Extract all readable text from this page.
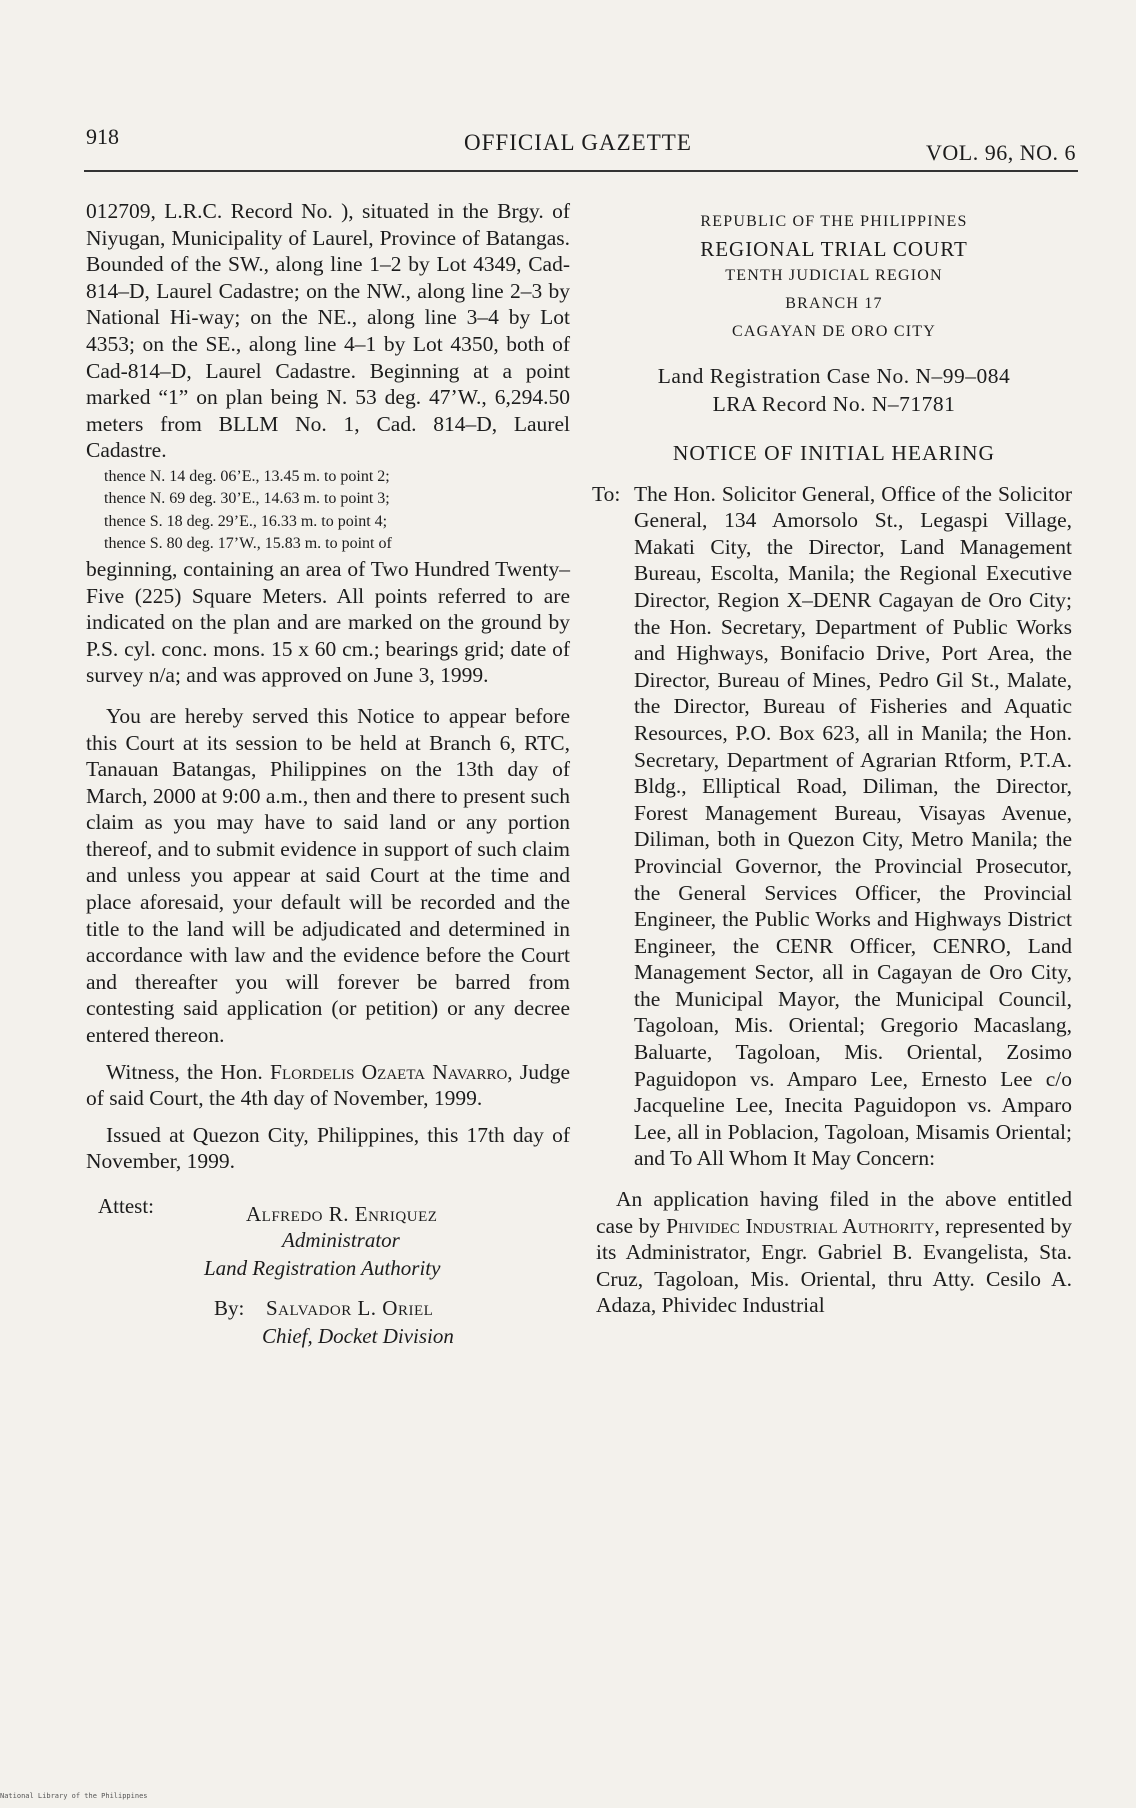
918	OFFICIAL GAZETTE	VOL. 96, NO. 6

012709, L.R.C. Record No. ), situated in the Brgy. of Niyugan, Municipality of Laurel, Province of Batangas. Bounded of the SW., along line 1–2 by Lot 4349, Cad-814–D, Laurel Cadastre; on the NW., along line 2–3 by National Hi-way; on the NE., along line 3–4 by Lot 4353; on the SE., along line 4–1 by Lot 4350, both of Cad-814–D, Laurel Cadastre. Beginning at a point marked “1” on plan being N. 53 deg. 47’W., 6,294.50 meters from BLLM No. 1, Cad. 814–D, Laurel Cadastre.

thence N. 14 deg. 06’E., 13.45 m. to point 2;
thence N. 69 deg. 30’E., 14.63 m. to point 3;
thence S. 18 deg. 29’E., 16.33 m. to point 4;
thence S. 80 deg. 17’W., 15.83 m. to point of

beginning, containing an area of Two Hundred Twenty–Five (225) Square Meters. All points referred to are indicated on the plan and are marked on the ground by P.S. cyl. conc. mons. 15 x 60 cm.; bearings grid; date of survey n/a; and was approved on June 3, 1999.

You are hereby served this Notice to appear before this Court at its session to be held at Branch 6, RTC, Tanauan Batangas, Philippines on the 13th day of March, 2000 at 9:00 a.m., then and there to present such claim as you may have to said land or any portion thereof, and to submit evidence in support of such claim and unless you appear at said Court at the time and place aforesaid, your default will be recorded and the title to the land will be adjudicated and determined in accordance with law and the evidence before the Court and thereafter you will forever be barred from contesting said application (or petition) or any decree entered thereon.

Witness, the Hon. Flordelis Ozaeta Navarro, Judge of said Court, the 4th day of November, 1999.

Issued at Quezon City, Philippines, this 17th day of November, 1999.

Attest:	Alfredo R. Enriquez
Administrator
Land Registration Authority
By: Salvador L. Oriel
Chief, Docket Division
REPUBLIC OF THE PHILIPPINES
REGIONAL TRIAL COURT
TENTH JUDICIAL REGION
BRANCH 17
CAGAYAN DE ORO CITY
Land Registration Case No. N–99–084
LRA Record No. N–71781
NOTICE OF INITIAL HEARING
To: The Hon. Solicitor General, Office of the Solicitor General, 134 Amorsolo St., Legaspi Village, Makati City, the Director, Land Management Bureau, Escolta, Manila; the Regional Executive Director, Region X–DENR Cagayan de Oro City; the Hon. Secretary, Department of Public Works and Highways, Bonifacio Drive, Port Area, the Director, Bureau of Mines, Pedro Gil St., Malate, the Director, Bureau of Fisheries and Aquatic Resources, P.O. Box 623, all in Manila; the Hon. Secretary, Department of Agrarian Rtform, P.T.A. Bldg., Elliptical Road, Diliman, the Director, Forest Management Bureau, Visayas Avenue, Diliman, both in Quezon City, Metro Manila; the Provincial Governor, the Provincial Prosecutor, the General Services Officer, the Provincial Engineer, the Public Works and Highways District Engineer, the CENR Officer, CENRO, Land Management Sector, all in Cagayan de Oro City, the Municipal Mayor, the Municipal Council, Tagoloan, Mis. Oriental; Gregorio Macaslang, Baluarte, Tagoloan, Mis. Oriental, Zosimo Paguidopon vs. Amparo Lee, Ernesto Lee c/o Jacqueline Lee, Inecita Paguidopon vs. Amparo Lee, all in Poblacion, Tagoloan, Misamis Oriental; and To All Whom It May Concern:

An application having filed in the above entitled case by Phividec Industrial Authority, represented by its Administrator, Engr. Gabriel B. Evangelista, Sta. Cruz, Tagoloan, Mis. Oriental, thru Atty. Cesilo A. Adaza, Phividec Industrial

National Library of the Philippines
